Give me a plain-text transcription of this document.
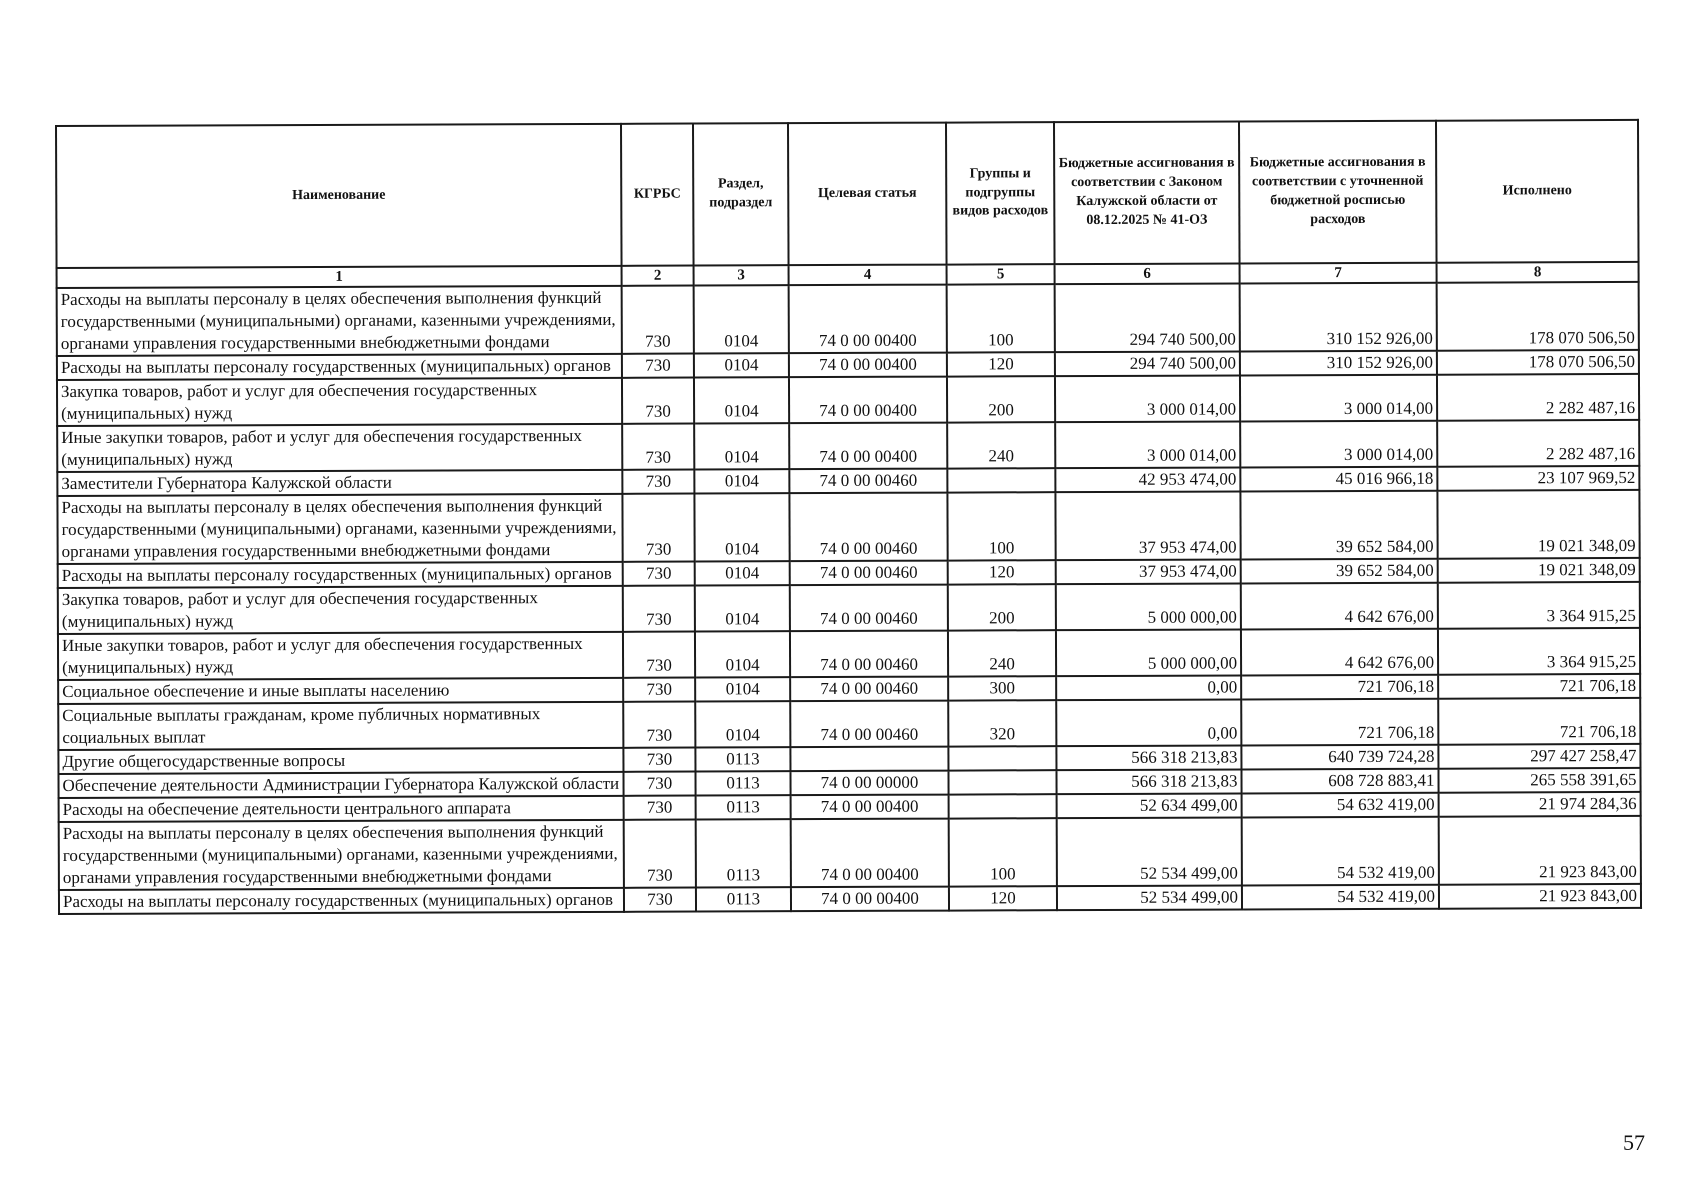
Наименование	КГРБС	Раздел, подраздел	Целевая статья	Группы и подгруппы видов расходов	Бюджетные ассигнования в соответствии с Законом Калужской области от 08.12.2025 № 41-ОЗ	Бюджетные ассигнования в соответствии с уточненной бюджетной росписью расходов	Исполнено
1	2	3	4	5	6	7	8
Расходы на выплаты персоналу в целях обеспечения выполнения функций государственными (муниципальными) органами, казенными учреждениями, органами управления государственными внебюджетными фондами	730	0104	74 0 00 00400	100	294 740 500,00	310 152 926,00	178 070 506,50
Расходы на выплаты персоналу государственных (муниципальных) органов	730	0104	74 0 00 00400	120	294 740 500,00	310 152 926,00	178 070 506,50
Закупка товаров, работ и услуг для обеспечения государственных (муниципальных) нужд	730	0104	74 0 00 00400	200	3 000 014,00	3 000 014,00	2 282 487,16
Иные закупки товаров, работ и услуг для обеспечения государственных (муниципальных) нужд	730	0104	74 0 00 00400	240	3 000 014,00	3 000 014,00	2 282 487,16
Заместители Губернатора Калужской области	730	0104	74 0 00 00460		42 953 474,00	45 016 966,18	23 107 969,52
Расходы на выплаты персоналу в целях обеспечения выполнения функций государственными (муниципальными) органами, казенными учреждениями, органами управления государственными внебюджетными фондами	730	0104	74 0 00 00460	100	37 953 474,00	39 652 584,00	19 021 348,09
Расходы на выплаты персоналу государственных (муниципальных) органов	730	0104	74 0 00 00460	120	37 953 474,00	39 652 584,00	19 021 348,09
Закупка товаров, работ и услуг для обеспечения государственных (муниципальных) нужд	730	0104	74 0 00 00460	200	5 000 000,00	4 642 676,00	3 364 915,25
Иные закупки товаров, работ и услуг для обеспечения государственных (муниципальных) нужд	730	0104	74 0 00 00460	240	5 000 000,00	4 642 676,00	3 364 915,25
Социальное обеспечение и иные выплаты населению	730	0104	74 0 00 00460	300	0,00	721 706,18	721 706,18
Социальные выплаты гражданам, кроме публичных нормативных социальных выплат	730	0104	74 0 00 00460	320	0,00	721 706,18	721 706,18
Другие общегосударственные вопросы	730	0113			566 318 213,83	640 739 724,28	297 427 258,47
Обеспечение деятельности Администрации Губернатора Калужской области	730	0113	74 0 00 00000		566 318 213,83	608 728 883,41	265 558 391,65
Расходы на обеспечение деятельности центрального аппарата	730	0113	74 0 00 00400		52 634 499,00	54 632 419,00	21 974 284,36
Расходы на выплаты персоналу в целях обеспечения выполнения функций государственными (муниципальными) органами, казенными учреждениями, органами управления государственными внебюджетными фондами	730	0113	74 0 00 00400	100	52 534 499,00	54 532 419,00	21 923 843,00
Расходы на выплаты персоналу государственных (муниципальных) органов	730	0113	74 0 00 00400	120	52 534 499,00	54 532 419,00	21 923 843,00
57
